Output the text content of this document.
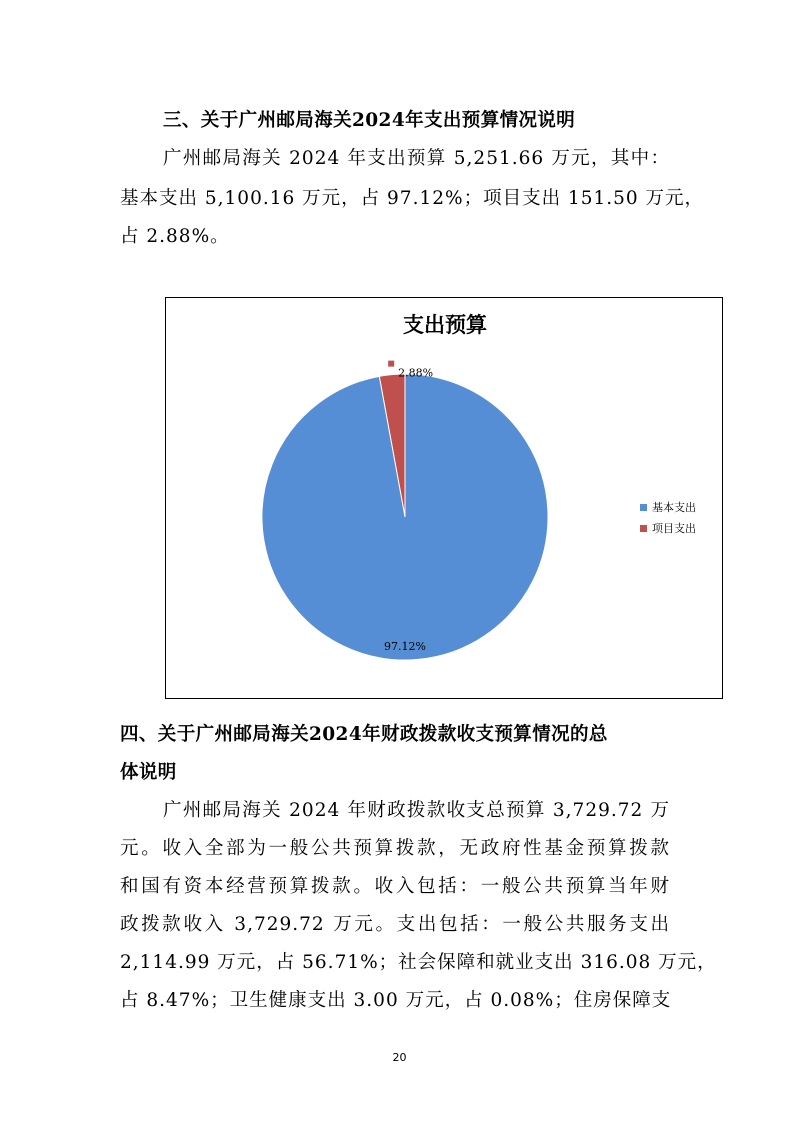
三、关于广州邮局海关2024年支出预算情况说明
广州邮局海关 2024 年支出预算 5,251.66 万元，其中：
基本支出 5,100.16 万元，占 97.12%；项目支出 151.50 万元，
占 2.88%。
支出预算
2.88%
97.12%
基本支出
项目支出
四、关于广州邮局海关2024年财政拨款收支预算情况的总
体说明
广州邮局海关 2024 年财政拨款收支总预算 3,729.72 万
元。收入全部为一般公共预算拨款，无政府性基金预算拨款
和国有资本经营预算拨款。收入包括：一般公共预算当年财
政拨款收入 3,729.72 万元。支出包括：一般公共服务支出
2,114.99 万元，占 56.71%；社会保障和就业支出 316.08 万元，
占 8.47%；卫生健康支出 3.00 万元，占 0.08%；住房保障支
20
